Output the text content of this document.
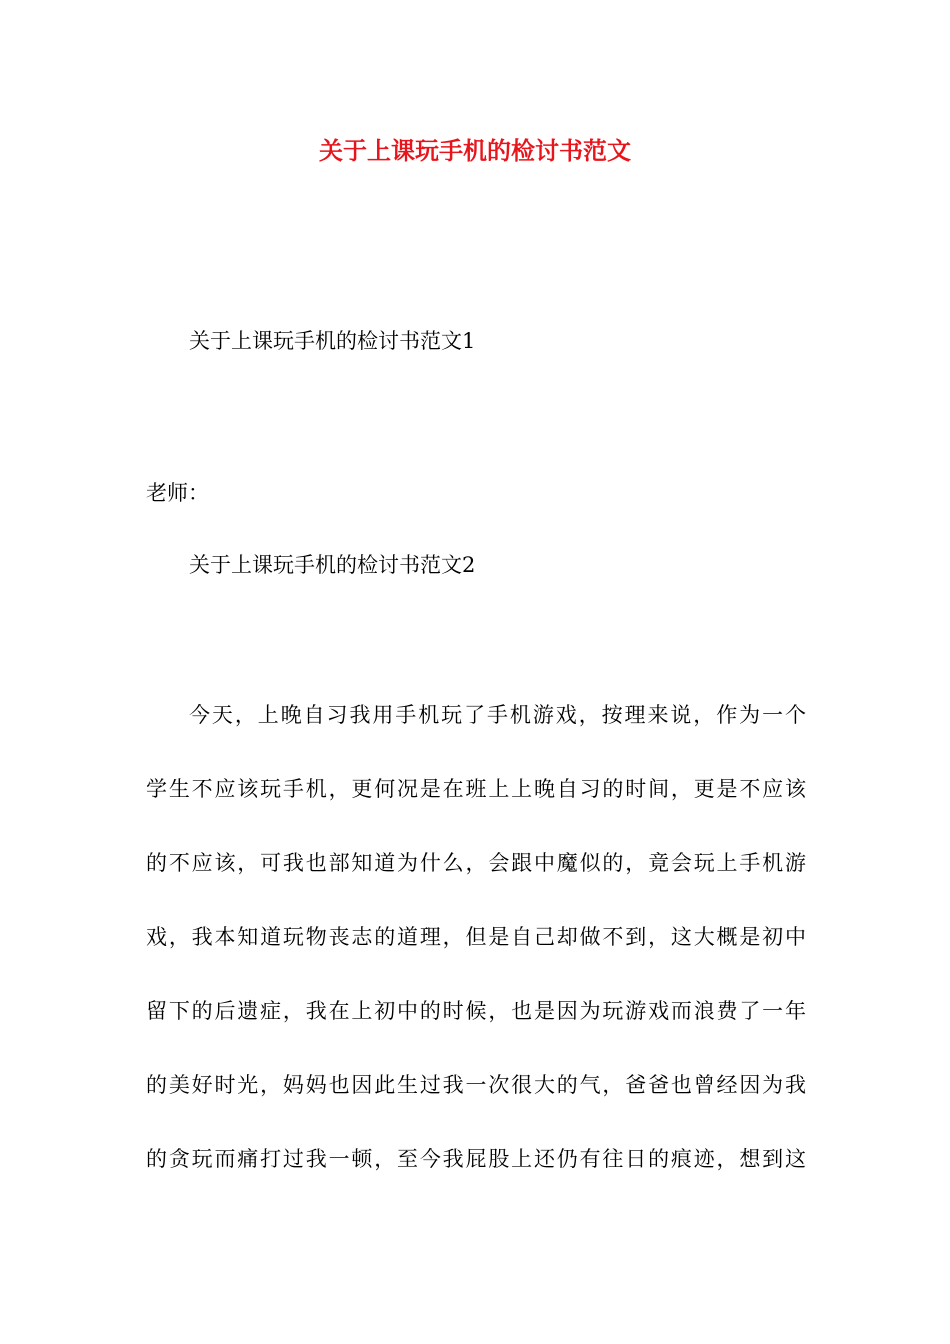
关于上课玩手机的检讨书范文

关于上课玩手机的检讨书范文1

老师：

关于上课玩手机的检讨书范文2

今天，上晚自习我用手机玩了手机游戏，按理来说，作为一个
学生不应该玩手机，更何况是在班上上晚自习的时间，更是不应该
的不应该，可我也部知道为什么，会跟中魔似的，竟会玩上手机游
戏，我本知道玩物丧志的道理，但是自己却做不到，这大概是初中
留下的后遗症，我在上初中的时候，也是因为玩游戏而浪费了一年
的美好时光，妈妈也因此生过我一次很大的气，爸爸也曾经因为我
的贪玩而痛打过我一顿，至今我屁股上还仍有往日的痕迹，想到这
